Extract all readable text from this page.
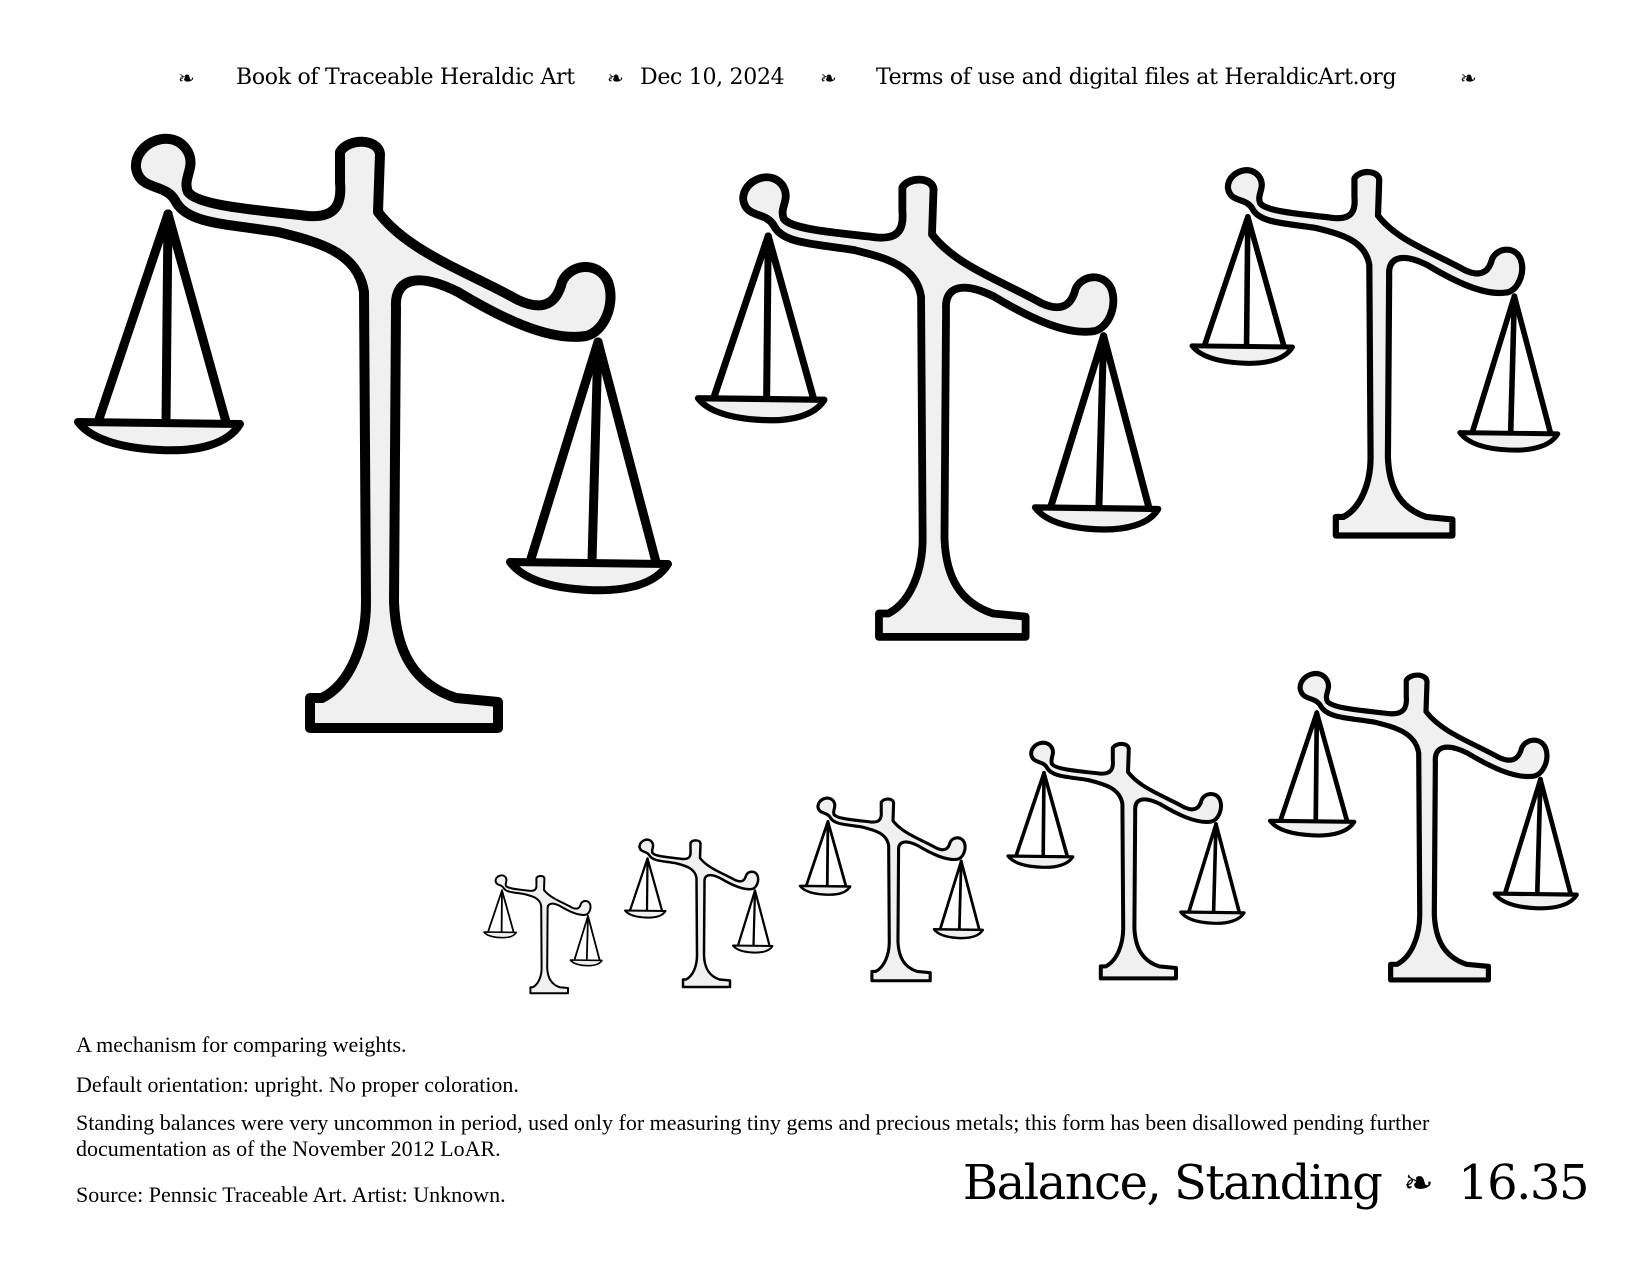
❧ Book of Traceable Heraldic Art ❧ Dec 10, 2024 ❧ Terms of use and digital files at HeraldicArt.org	❧
A mechanism for comparing weights.
Default orientation: upright. No proper coloration.
Standing balances were very uncommon in period, used only for measuring tiny gems and precious metals; this form has been disallowed pending further documentation as of the November 2012 LoAR.
Source: Pennsic Traceable Art. Artist: Unknown.	Balance, Standing ❧ 16.35
